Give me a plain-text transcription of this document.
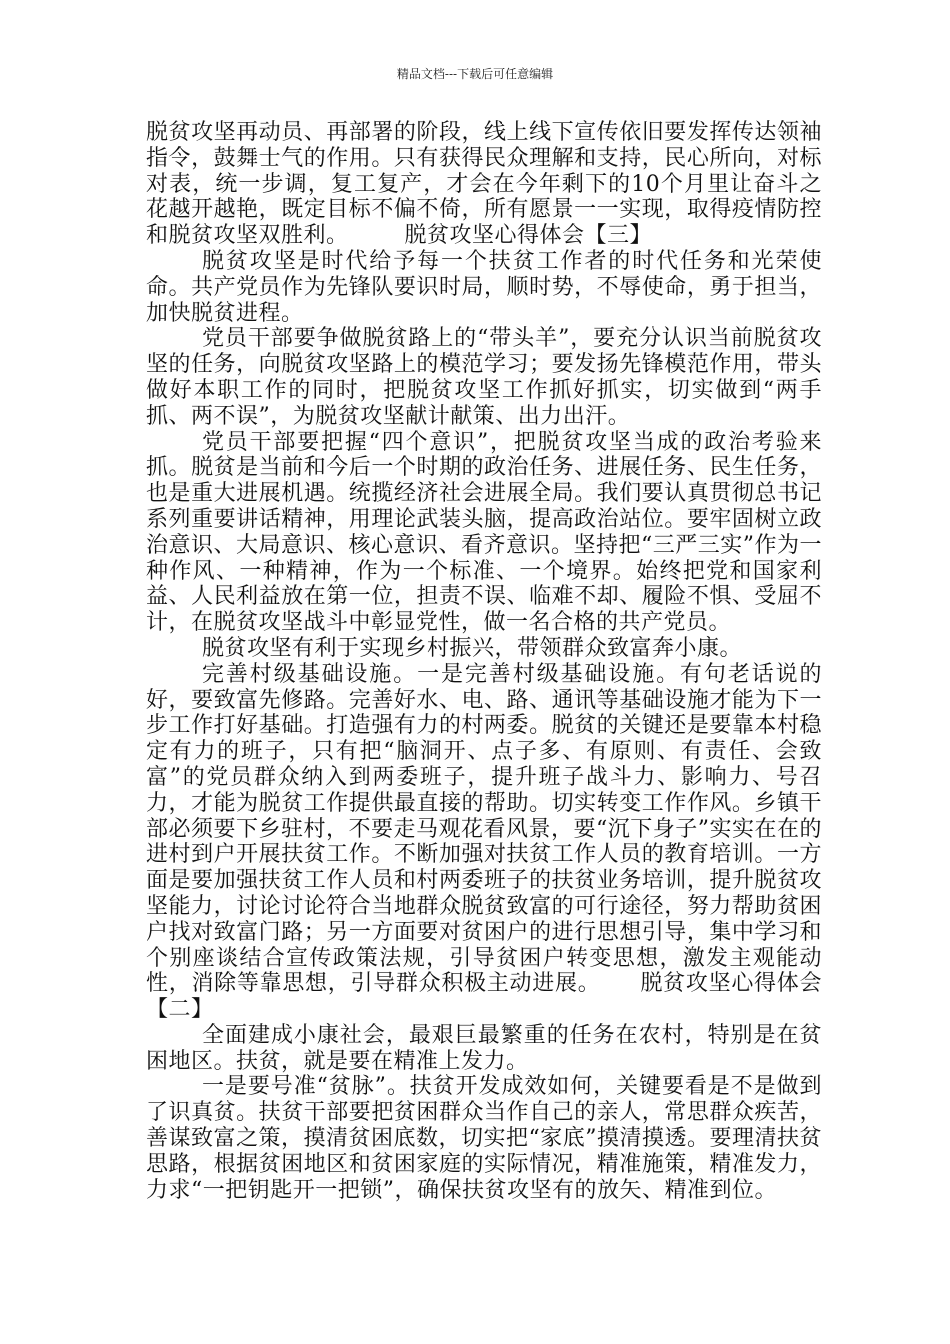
精品文档---下载后可任意编辑

脱贫攻坚再动员、再部署的阶段，线上线下宣传依旧要发挥传达领袖指令，鼓舞士气的作用。只有获得民众理解和支持，民心所向，对标对表，统一步调，复工复产，才会在今年剩下的10个月里让奋斗之花越开越艳，既定目标不偏不倚，所有愿景一一实现，取得疫情防控和脱贫攻坚双胜利。	脱贫攻坚心得体会【三】

脱贫攻坚是时代给予每一个扶贫工作者的时代任务和光荣使命。共产党员作为先锋队要识时局，顺时势，不辱使命，勇于担当，加快脱贫进程。

党员干部要争做脱贫路上的“带头羊”，要充分认识当前脱贫攻坚的任务，向脱贫攻坚路上的模范学习；要发扬先锋模范作用，带头做好本职工作的同时，把脱贫攻坚工作抓好抓实，切实做到“两手抓、两不误”，为脱贫攻坚献计献策、出力出汗。

党员干部要把握“四个意识”，把脱贫攻坚当成的政治考验来抓。脱贫是当前和今后一个时期的政治任务、进展任务、民生任务，也是重大进展机遇。统揽经济社会进展全局。我们要认真贯彻总书记系列重要讲话精神，用理论武装头脑，提高政治站位。要牢固树立政治意识、大局意识、核心意识、看齐意识。坚持把“三严三实”作为一种作风、一种精神，作为一个标准、一个境界。始终把党和国家利益、人民利益放在第一位，担责不误、临难不却、履险不惧、受屈不计，在脱贫攻坚战斗中彰显党性，做一名合格的共产党员。

脱贫攻坚有利于实现乡村振兴，带领群众致富奔小康。

完善村级基础设施。一是完善村级基础设施。有句老话说的好，要致富先修路。完善好水、电、路、通讯等基础设施才能为下一步工作打好基础。打造强有力的村两委。脱贫的关键还是要靠本村稳定有力的班子，只有把“脑洞开、点子多、有原则、有责任、会致富”的党员群众纳入到两委班子，提升班子战斗力、影响力、号召力，才能为脱贫工作提供最直接的帮助。切实转变工作作风。乡镇干部必须要下乡驻村，不要走马观花看风景，要“沉下身子”实实在在的进村到户开展扶贫工作。不断加强对扶贫工作人员的教育培训。一方面是要加强扶贫工作人员和村两委班子的扶贫业务培训，提升脱贫攻坚能力，讨论讨论符合当地群众脱贫致富的可行途径，努力帮助贫困户找对致富门路；另一方面要对贫困户的进行思想引导，集中学习和个别座谈结合宣传政策法规，引导贫困户转变思想，激发主观能动性，消除等靠思想，引导群众积极主动进展。 脱贫攻坚心得体会【二】

全面建成小康社会，最艰巨最繁重的任务在农村，特别是在贫困地区。扶贫，就是要在精准上发力。

一是要号准“贫脉”。扶贫开发成效如何，关键要看是不是做到了识真贫。扶贫干部要把贫困群众当作自己的亲人，常思群众疾苦，善谋致富之策，摸清贫困底数，切实把“家底”摸清摸透。要理清扶贫思路，根据贫困地区和贫困家庭的实际情况，精准施策，精准发力，力求“一把钥匙开一把锁”，确保扶贫攻坚有的放矢、精准到位。
